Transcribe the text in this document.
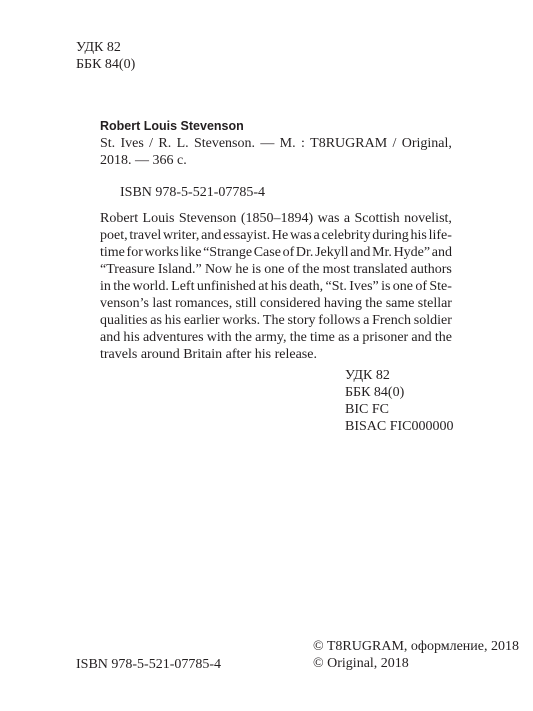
УДК 82
ББК 84(0)
Robert Louis Stevenson
St. Ives / R. L. Stevenson. — M. : T8RUGRAM / Original,
2018. — 366 c.
ISBN 978-5-521-07785-4
Robert Louis Stevenson (1850–1894) was a Scottish novelist,
poet, travel writer, and essayist. He was a celebrity during his life-
time for works like “Strange Case of Dr. Jekyll and Mr. Hyde” and
“Treasure Island.” Now he is one of the most translated authors
in the world. Left unfinished at his death, “St. Ives” is one of Ste-
venson’s last romances, still considered having the same stellar
qualities as his earlier works. The story follows a French soldier
and his adventures with the army, the time as a prisoner and the
travels around Britain after his release.
УДК 82
ББК 84(0)
BIC FC
BISAC FIC000000
© T8RUGRAM, оформление, 2018
© Original, 2018
ISBN 978-5-521-07785-4
